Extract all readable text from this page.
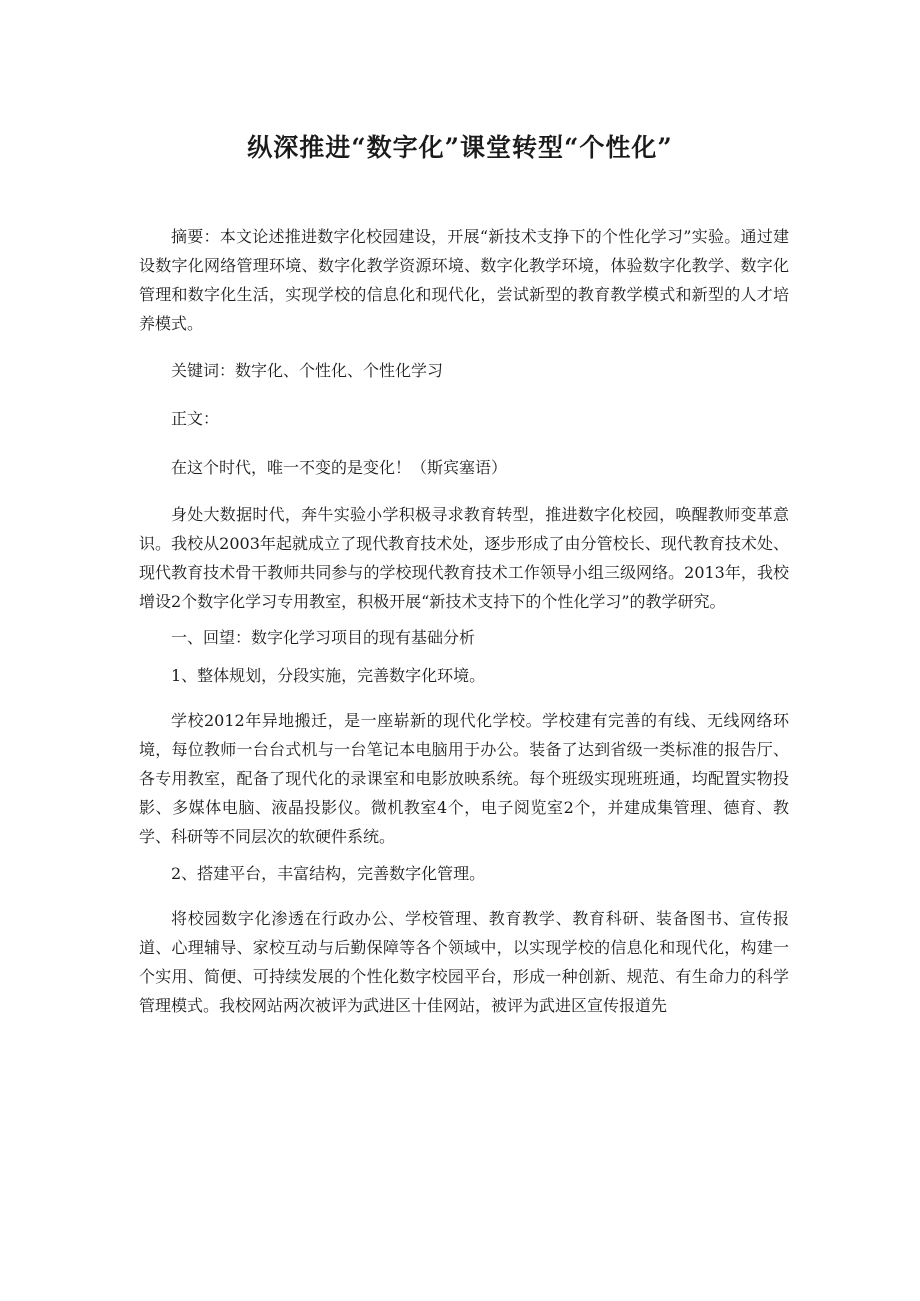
纵深推进“数字化”课堂转型“个性化”

摘要：本文论述推进数字化校园建设，开展“新技术支挣下的个性化学习”实验。通过建设数字化网络管理环境、数字化教学资源环境、数字化教学环境，体验数字化教学、数字化管理和数字化生活，实现学校的信息化和现代化，尝试新型的教育教学模式和新型的人才培养模式。

关键词：数字化、个性化、个性化学习

正文：

在这个时代，唯一不变的是变化！（斯宾塞语）

身处大数据时代，奔牛实验小学积极寻求教育转型，推进数字化校园，唤醒教师变革意识。我校从2003年起就成立了现代教育技术处，逐步形成了由分管校长、现代教育技术处、现代教育技术骨干教师共同参与的学校现代教育技术工作领导小组三级网络。2013年，我校增设2个数字化学习专用教室，积极开展“新技术支持下的个性化学习”的教学研究。

一、回望：数字化学习项目的现有基础分析

1、整体规划，分段实施，完善数字化环境。

学校2012年异地搬迁，是一座崭新的现代化学校。学校建有完善的有线、无线网络环境，每位教师一台台式机与一台笔记本电脑用于办公。装备了达到省级一类标准的报告厅、各专用教室，配备了现代化的录课室和电影放映系统。每个班级实现班班通，均配置实物投影、多媒体电脑、液晶投影仪。微机教室4个，电子阅览室2个，并建成集管理、德育、教学、科研等不同层次的软硬件系统。

2、搭建平台，丰富结构，完善数字化管理。

将校园数字化渗透在行政办公、学校管理、教育教学、教育科研、装备图书、宣传报道、心理辅导、家校互动与后勤保障等各个领域中，以实现学校的信息化和现代化，构建一个实用、简便、可持续发展的个性化数字校园平台，形成一种创新、规范、有生命力的科学管理模式。我校网站两次被评为武进区十佳网站，被评为武进区宣传报道先
